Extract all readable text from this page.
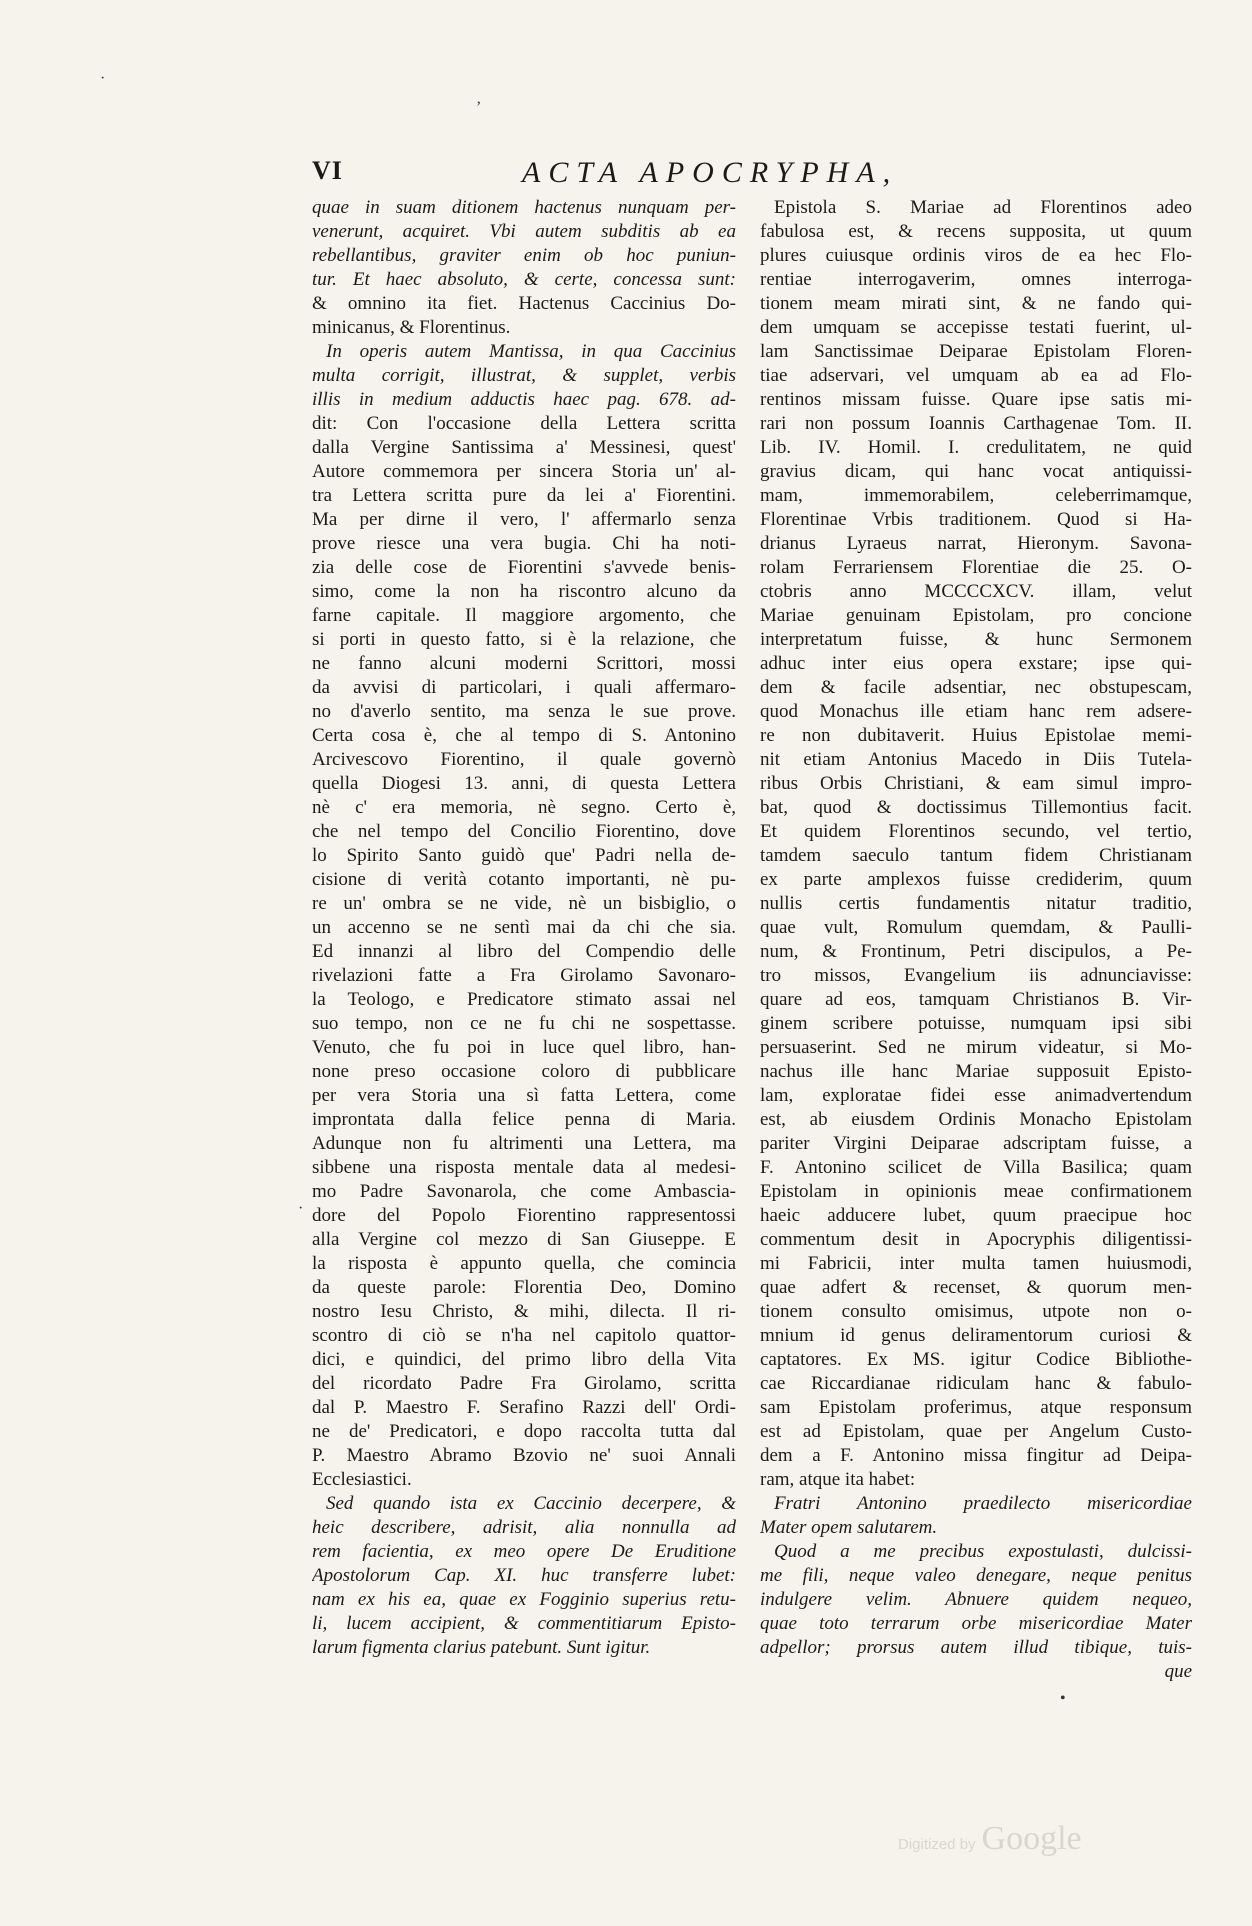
VI	ACTA APOCRYPHA,
quae in suam ditionem hactenus nunquam per-
venerunt, acquiret. Vbi autem subditis ab ea
rebellantibus, graviter enim ob hoc puniun-
tur. Et haec absoluto, & certe, concessa sunt:
& omnino ita fiet. Hactenus Caccinius Do-
minicanus, & Florentinus.
In operis autem Mantissa, in qua Caccinius
multa corrigit, illustrat, & supplet, verbis
illis in medium adductis haec pag. 678. ad-
dit: Con l'occasione della Lettera scritta
dalla Vergine Santissima a' Messinesi, quest'
Autore commemora per sincera Storia un' al-
tra Lettera scritta pure da lei a' Fiorentini.
Ma per dirne il vero, l' affermarlo senza
prove riesce una vera bugia. Chi ha noti-
zia delle cose de Fiorentini s'avvede benis-
simo, come la non ha riscontro alcuno da
farne capitale. Il maggiore argomento, che
si porti in questo fatto, si è la relazione, che
ne fanno alcuni moderni Scrittori, mossi
da avvisi di particolari, i quali affermaro-
no d'averlo sentito, ma senza le sue prove.
Certa cosa è, che al tempo di S. Antonino
Arcivescovo Fiorentino, il quale governò
quella Diogesi 13. anni, di questa Lettera
nè c' era memoria, nè segno. Certo è,
che nel tempo del Concilio Fiorentino, dove
lo Spirito Santo guidò que' Padri nella de-
cisione di verità cotanto importanti, nè pu-
re un' ombra se ne vide, nè un bisbiglio, o
un accenno se ne sentì mai da chi che sia.
Ed innanzi al libro del Compendio delle
rivelazioni fatte a Fra Girolamo Savonaro-
la Teologo, e Predicatore stimato assai nel
suo tempo, non ce ne fu chi ne sospettasse.
Venuto, che fu poi in luce quel libro, han-
none preso occasione coloro di pubblicare
per vera Storia una sì fatta Lettera, come
improntata dalla felice penna di Maria.
Adunque non fu altrimenti una Lettera, ma
sibbene una risposta mentale data al medesi-
mo Padre Savonarola, che come Ambascia-
dore del Popolo Fiorentino rappresentossi
alla Vergine col mezzo di San Giuseppe. E
la risposta è appunto quella, che comincia
da queste parole: Florentia Deo, Domino
nostro Iesu Christo, & mihi, dilecta. Il ri-
scontro di ciò se n'ha nel capitolo quattor-
dici, e quindici, del primo libro della Vita
del ricordato Padre Fra Girolamo, scritta
dal P. Maestro F. Serafino Razzi dell' Ordi-
ne de' Predicatori, e dopo raccolta tutta dal
P. Maestro Abramo Bzovio ne' suoi Annali
Ecclesiastici.
Sed quando ista ex Caccinio decerpere, &
heic describere, adrisit, alia nonnulla ad
rem facientia, ex meo opere De Eruditione
Apostolorum Cap. XI. huc transferre lubet:
nam ex his ea, quae ex Fogginio superius retu-
li, lucem accipient, & commentitiarum Episto-
larum figmenta clarius patebunt. Sunt igitur.
Epistola S. Mariae ad Florentinos adeo
fabulosa est, & recens supposita, ut quum
plures cuiusque ordinis viros de ea hec Flo-
rentiae interrogaverim, omnes interroga-
tionem meam mirati sint, & ne fando qui-
dem umquam se accepisse testati fuerint, ul-
lam Sanctissimae Deiparae Epistolam Floren-
tiae adservari, vel umquam ab ea ad Flo-
rentinos missam fuisse. Quare ipse satis mi-
rari non possum Ioannis Carthagenae Tom. II.
Lib. IV. Homil. I. credulitatem, ne quid
gravius dicam, qui hanc vocat antiquissi-
mam, immemorabilem, celeberrimamque,
Florentinae Vrbis traditionem. Quod si Ha-
drianus Lyraeus narrat, Hieronym. Savona-
rolam Ferrariensem Florentiae die 25. O-
ctobris anno MCCCCXCV. illam, velut
Mariae genuinam Epistolam, pro concione
interpretatum fuisse, & hunc Sermonem
adhuc inter eius opera exstare; ipse qui-
dem & facile adsentiar, nec obstupescam,
quod Monachus ille etiam hanc rem adsere-
re non dubitaverit. Huius Epistolae memi-
nit etiam Antonius Macedo in Diis Tutela-
ribus Orbis Christiani, & eam simul impro-
bat, quod & doctissimus Tillemontius facit.
Et quidem Florentinos secundo, vel tertio,
tamdem saeculo tantum fidem Christianam
ex parte amplexos fuisse crediderim, quum
nullis certis fundamentis nitatur traditio,
quae vult, Romulum quemdam, & Paulli-
num, & Frontinum, Petri discipulos, a Pe-
tro missos, Evangelium iis adnunciavisse:
quare ad eos, tamquam Christianos B. Vir-
ginem scribere potuisse, numquam ipsi sibi
persuaserint. Sed ne mirum videatur, si Mo-
nachus ille hanc Mariae supposuit Episto-
lam, exploratae fidei esse animadvertendum
est, ab eiusdem Ordinis Monacho Epistolam
pariter Virgini Deiparae adscriptam fuisse, a
F. Antonino scilicet de Villa Basilica; quam
Epistolam in opinionis meae confirmationem
haeic adducere lubet, quum praecipue hoc
commentum desit in Apocryphis diligentissi-
mi Fabricii, inter multa tamen huiusmodi,
quae adfert & recenset, & quorum men-
tionem consulto omisimus, utpote non o-
mnium id genus deliramentorum curiosi &
captatores. Ex MS. igitur Codice Bibliothe-
cae Riccardianae ridiculam hanc & fabulo-
sam Epistolam proferimus, atque responsum
est ad Epistolam, quae per Angelum Custo-
dem a F. Antonino missa fingitur ad Deipa-
ram, atque ita habet:
Fratri Antonino praedilecto misericordiae
Mater opem salutarem.
Quod a me precibus expostulasti, dulcissi-
me fili, neque valeo denegare, neque penitus
indulgere velim. Abnuere quidem nequeo,
quae toto terrarum orbe misericordiae Mater
adpellor; prorsus autem illud tibique, tuis-
que
·
‚
·
•
Digitized by Google
